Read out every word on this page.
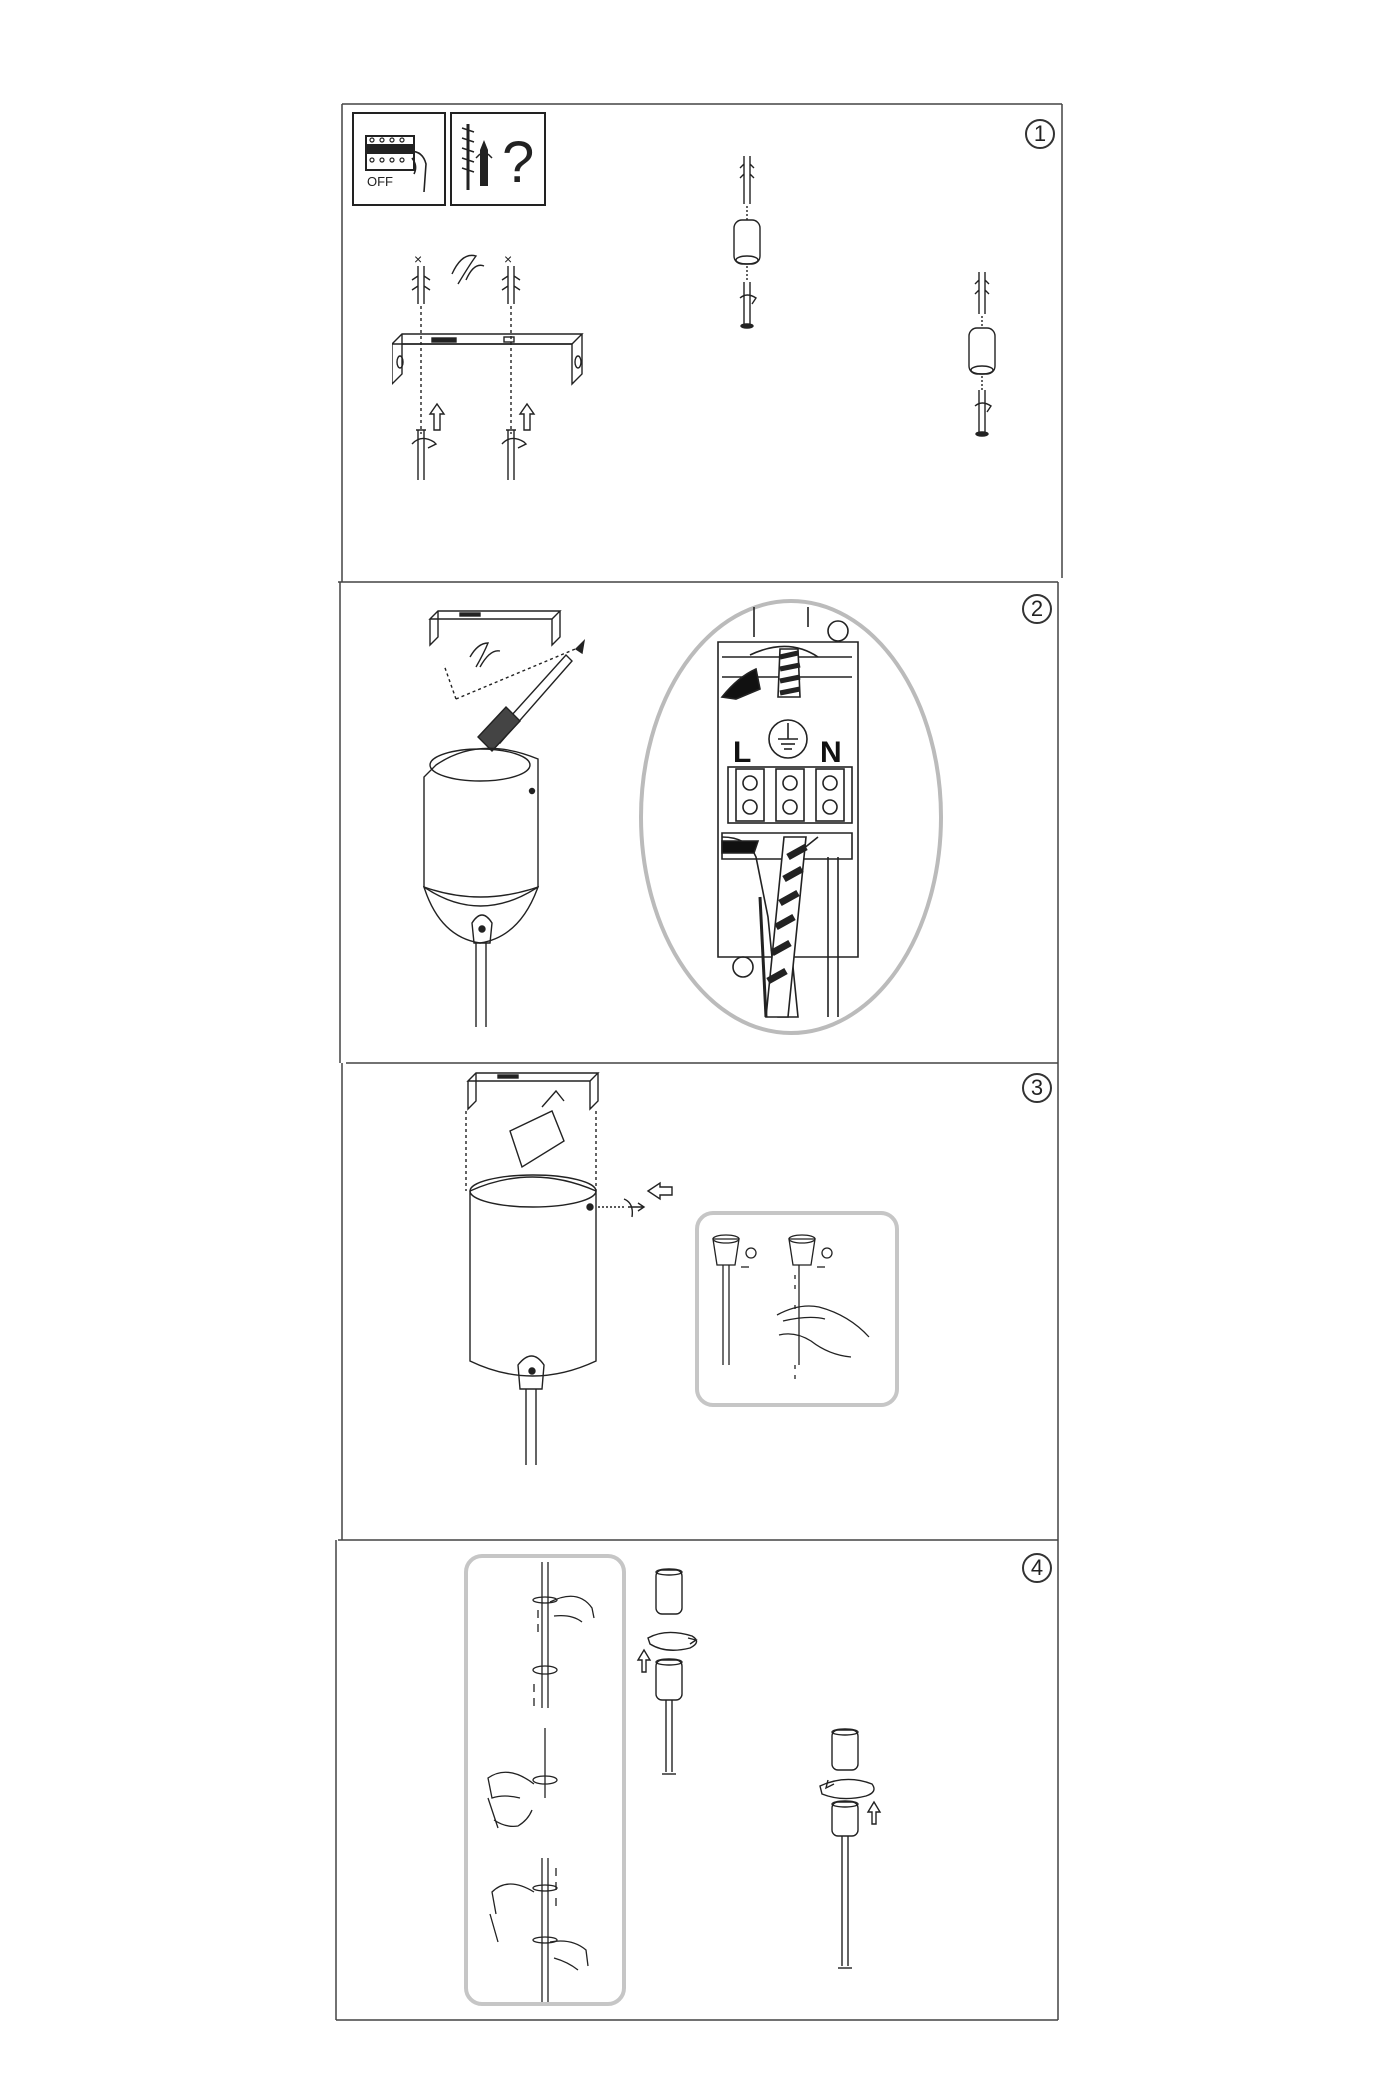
1
2
3
4
OFF ?
×	×
L N
